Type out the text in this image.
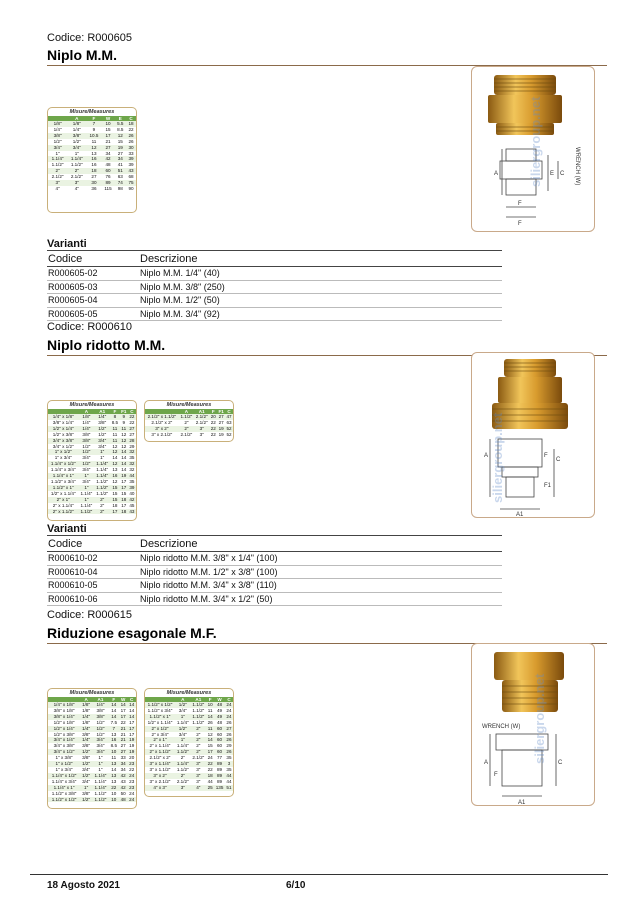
Codice: R000605
Niplo M.M.
Misure/Measures
	A	F	W	E	C
1/8"	1/8"	7	10	5.5	18
1/4"	1/4"	9	15	8.5	22
3/8"	3/8"	10.5	17	12	26
1/2"	1/2"	11	21	15	26
3/4"	3/4"	12	27	19	30
1"	1"	13	34	27	33
1.1/4"	1.1/4"	16	42	34	39
1.1/2"	1.1/2"	16	48	41	39
2"	2"	18	60	51	43
2.1/2"	2.1/2"	27	76	63	68
3"	3"	30	89	74	75
4"	4"	36	115	98	90
A	E C
F
F
WRENCH (W)
siliergroup.net
Varianti
Codice	Descrizione
R000605-02	Niplo M.M. 1/4" (40)
R000605-03	Niplo M.M. 3/8" (250)
R000605-04	Niplo M.M. 1/2" (50)
R000605-05	Niplo M.M. 3/4" (92)
Codice: R000610
Niplo ridotto M.M.
Misure/Measures
	A	A1	F	F1	C
1/4" x 1/8"	1/8"	1/4"	8	9	22
3/8" x 1/4"	1/4"	3/8"	8.5	9	22
1/2" x 1/4"	1/4"	1/2"	11	11	27
1/2" x 3/8"	3/8"	1/2"	11	12	27
3/4" x 3/8"	3/8"	3/4"	11	12	28
3/4" x 1/2"	1/2"	3/4"	12	12	29
1" x 1/2"	1/2"	1"	12	14	32
1" x 3/4"	3/4"	1"	14	14	35
1.1/4" x 1/2"	1/2"	1.1/4"	12	14	32
1.1/4" x 3/4"	3/4"	1.1/4"	13	14	32
1.1/4" x 1"	1"	1.1/4"	16	19	44
1.1/2" x 3/4"	3/4"	1.1/2"	12	17	35
1.1/2" x 1"	1"	1.1/2"	15	17	39
1/2" x 1.1/4"	1.1/4"	1.1/2"	15	15	40
2" x 1"	1"	2"	15	18	42
2" x 1.1/4"	1.1/4"	2"	18	17	45
2" x 1.1/2"	1.1/2"	2"	17	18	43
Misure/Measures
	A	A1	F	F1	C
2.1/2" x 1.1/2"	1.1/2"	2.1/2"	20	27	47
2.1/2" x 2"	2"	2.1/2"	22	27	63
3" x 2"	2"	3"	22	19	52
3" x 2.1/2"	2.1/2"	3"	22	19	52
A
C
F
F1
A1
siliergroup.net
Varianti
Codice	Descrizione
R000610-02	Niplo ridotto M.M. 3/8" x 1/4" (100)
R000610-04	Niplo ridotto M.M. 1/2" x 3/8" (100)
R000610-05	Niplo ridotto M.M. 3/4" x 3/8" (110)
R000610-06	Niplo ridotto M.M. 3/4" x 1/2" (50)
Codice: R000615
Riduzione esagonale M.F.
Misure/Measures
	A	A1	F	W	C
1/4" x 1/8"	1/8"	1/4"	14	14	14
3/8" x 1/8"	1/8"	3/8"	14	17	14
3/8" x 1/4"	1/4"	3/8"	14	17	14
1/2" x 1/8"	1/8"	1/2"	7.5	22	17
1/2" x 1/4"	1/4"	1/2"	7	21	17
1/2" x 3/8"	3/8"	1/2"	13	21	17
3/4" x 1/4"	1/4"	3/4"	16	21	19
3/4" x 3/8"	3/8"	3/4"	8.5	27	19
3/4" x 1/2"	1/2"	3/4"	10	27	19
1" x 3/8"	3/8"	1"	11	33	20
1" x 1/2"	1/2"	1"	13	34	23
1" x 3/4"	3/4"	1"	14	34	22
1.1/4" x 1/2"	1/2"	1.1/4"	13	42	24
1.1/4" x 3/4"	3/4"	1.1/4"	13	43	23
1.1/4" x 1"	1"	1.1/4"	22	42	23
1.1/2" x 3/8"	3/8"	1.1/2"	10	50	24
1.1/2" x 1/2"	1/2"	1.1/2"	10	48	24
Misure/Measures
	A	A1	F	W	C
1.1/2" x 1/2"	1/2"	1.1/2"	10	48	24
1.1/2" x 3/4"	3/4"	1.1/2"	11	49	24
1.1/2" x 1"	1"	1.1/2"	14	49	24
1/2" x 1.1/4"	1.1/4"	1.1/2"	26	48	26
2" x 1/2"	1/2"	2"	11	60	27
2" x 3/4"	3/4"	2"	12	60	26
2" x 1"	1"	2"	14	60	26
2" x 1.1/4"	1.1/4"	2"	15	60	29
2" x 1.1/2"	1.1/2"	2"	17	60	26
2.1/2" x 2"	2"	2.1/2"	24	77	35
3" x 1.1/4"	1.1/4"	3"	22	89	3
3" x 1.1/2"	1.1/2"	3"	22	89	35
3" x 2"	2"	3"	18	89	44
3" x 2.1/2"	2.1/2"	3"	44	89	44
4" x 3"	3"	4"	25	135	51
WRENCH (W)
A	C
F
A1
siliergroup.net
18 Agosto 2021	6/10
